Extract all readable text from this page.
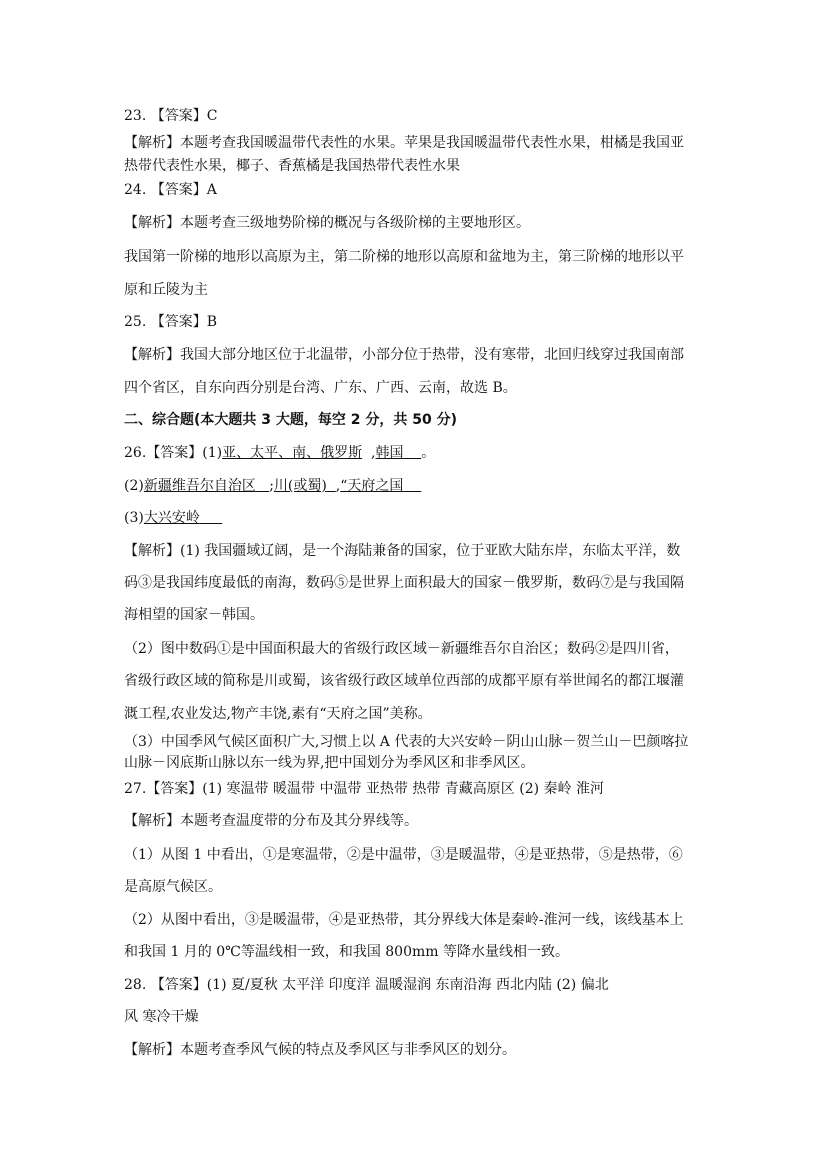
23. 【答案】C
【解析】本题考查我国暖温带代表性的水果。苹果是我国暖温带代表性水果，柑橘是我国亚
热带代表性水果，椰子、香蕉橘是我国热带代表性水果
24. 【答案】A
【解析】本题考查三级地势阶梯的概况与各级阶梯的主要地形区。
我国第一阶梯的地形以高原为主，第二阶梯的地形以高原和盆地为主，第三阶梯的地形以平
原和丘陵为主
25. 【答案】B
【解析】我国大部分地区位于北温带，小部分位于热带，没有寒带，北回归线穿过我国南部
四个省区，自东向西分别是台湾、广东、广西、云南，故选 B。
二、综合题(本大题共 3 大题，每空 2 分，共 50 分)
26.【答案】(1)亚、太平、南、俄罗斯 ,韩国 。
(2)新疆维吾尔自治区 ;川(或蜀) ,“天府之国
(3)大兴安岭
【解析】(1) 我国疆域辽阔，是一个海陆兼备的国家，位于亚欧大陆东岸，东临太平洋，数
码③是我国纬度最低的南海，数码⑤是世界上面积最大的国家－俄罗斯，数码⑦是与我国隔
海相望的国家－韩国。
（2）图中数码①是中国面积最大的省级行政区域－新疆维吾尔自治区；数码②是四川省，
省级行政区域的简称是川或蜀，该省级行政区域单位西部的成都平原有举世闻名的都江堰灌
溉工程,农业发达,物产丰饶,素有“天府之国”美称。
（3）中国季风气候区面积广大,习惯上以 A 代表的大兴安岭－阴山山脉－贺兰山－巴颜喀拉
山脉－冈底斯山脉以东一线为界,把中国划分为季风区和非季风区。
27.【答案】(1) 寒温带 暖温带 中温带 亚热带 热带 青藏高原区 (2) 秦岭 淮河
【解析】本题考查温度带的分布及其分界线等。
（1）从图 1 中看出，①是寒温带，②是中温带，③是暖温带，④是亚热带，⑤是热带，⑥
是高原气候区。
（2）从图中看出，③是暖温带，④是亚热带，其分界线大体是秦岭-淮河一线，该线基本上
和我国 1 月的 0℃等温线相一致，和我国 800mm 等降水量线相一致。
28. 【答案】(1) 夏/夏秋 太平洋 印度洋 温暖湿润 东南沿海 西北内陆 (2) 偏北
风 寒冷干燥
【解析】本题考查季风气候的特点及季风区与非季风区的划分。
